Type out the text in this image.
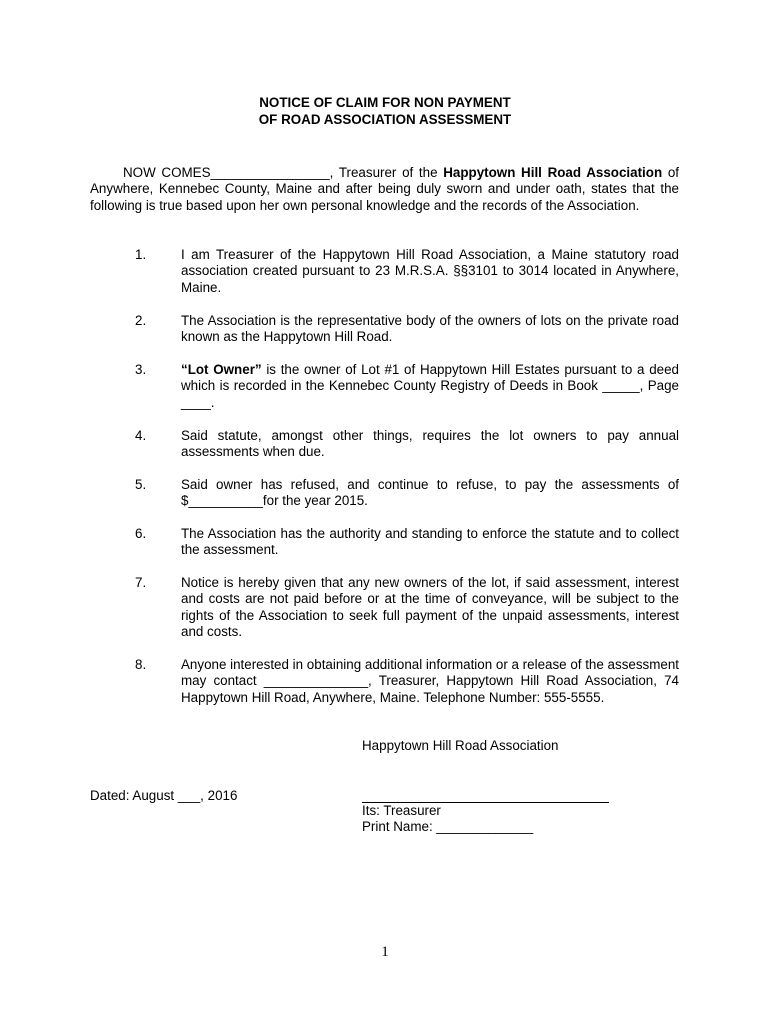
NOTICE OF CLAIM FOR NON PAYMENT
OF ROAD ASSOCIATION ASSESSMENT
NOW COMES________________, Treasurer of the Happytown Hill Road Association of Anywhere, Kennebec County, Maine and after being duly sworn and under oath, states that the following is true based upon her own personal knowledge and the records of the Association.
1.	I am Treasurer of the Happytown Hill Road Association, a Maine statutory road association created pursuant to 23 M.R.S.A. §§3101 to 3014 located in Anywhere, Maine.
2.	The Association is the representative body of the owners of lots on the private road known as the Happytown Hill Road.
3.	“Lot Owner” is the owner of Lot #1 of Happytown Hill Estates pursuant to a deed which is recorded in the Kennebec County Registry of Deeds in Book _____, Page ____.
4.	Said statute, amongst other things, requires the lot owners to pay annual assessments when due.
5.	Said owner has refused, and continue to refuse, to pay the assessments of $__________for the year 2015.
6.	The Association has the authority and standing to enforce the statute and to collect the assessment.
7.	Notice is hereby given that any new owners of the lot, if said assessment, interest and costs are not paid before or at the time of conveyance, will be subject to the rights of the Association to seek full payment of the unpaid assessments, interest and costs.
8.	Anyone interested in obtaining additional information or a release of the assessment may contact ______________, Treasurer, Happytown Hill Road Association, 74 Happytown Hill Road, Anywhere, Maine. Telephone Number: 555-5555.
Happytown Hill Road Association
Dated: August ___, 2016
Its: Treasurer
Print Name: _____________
1
